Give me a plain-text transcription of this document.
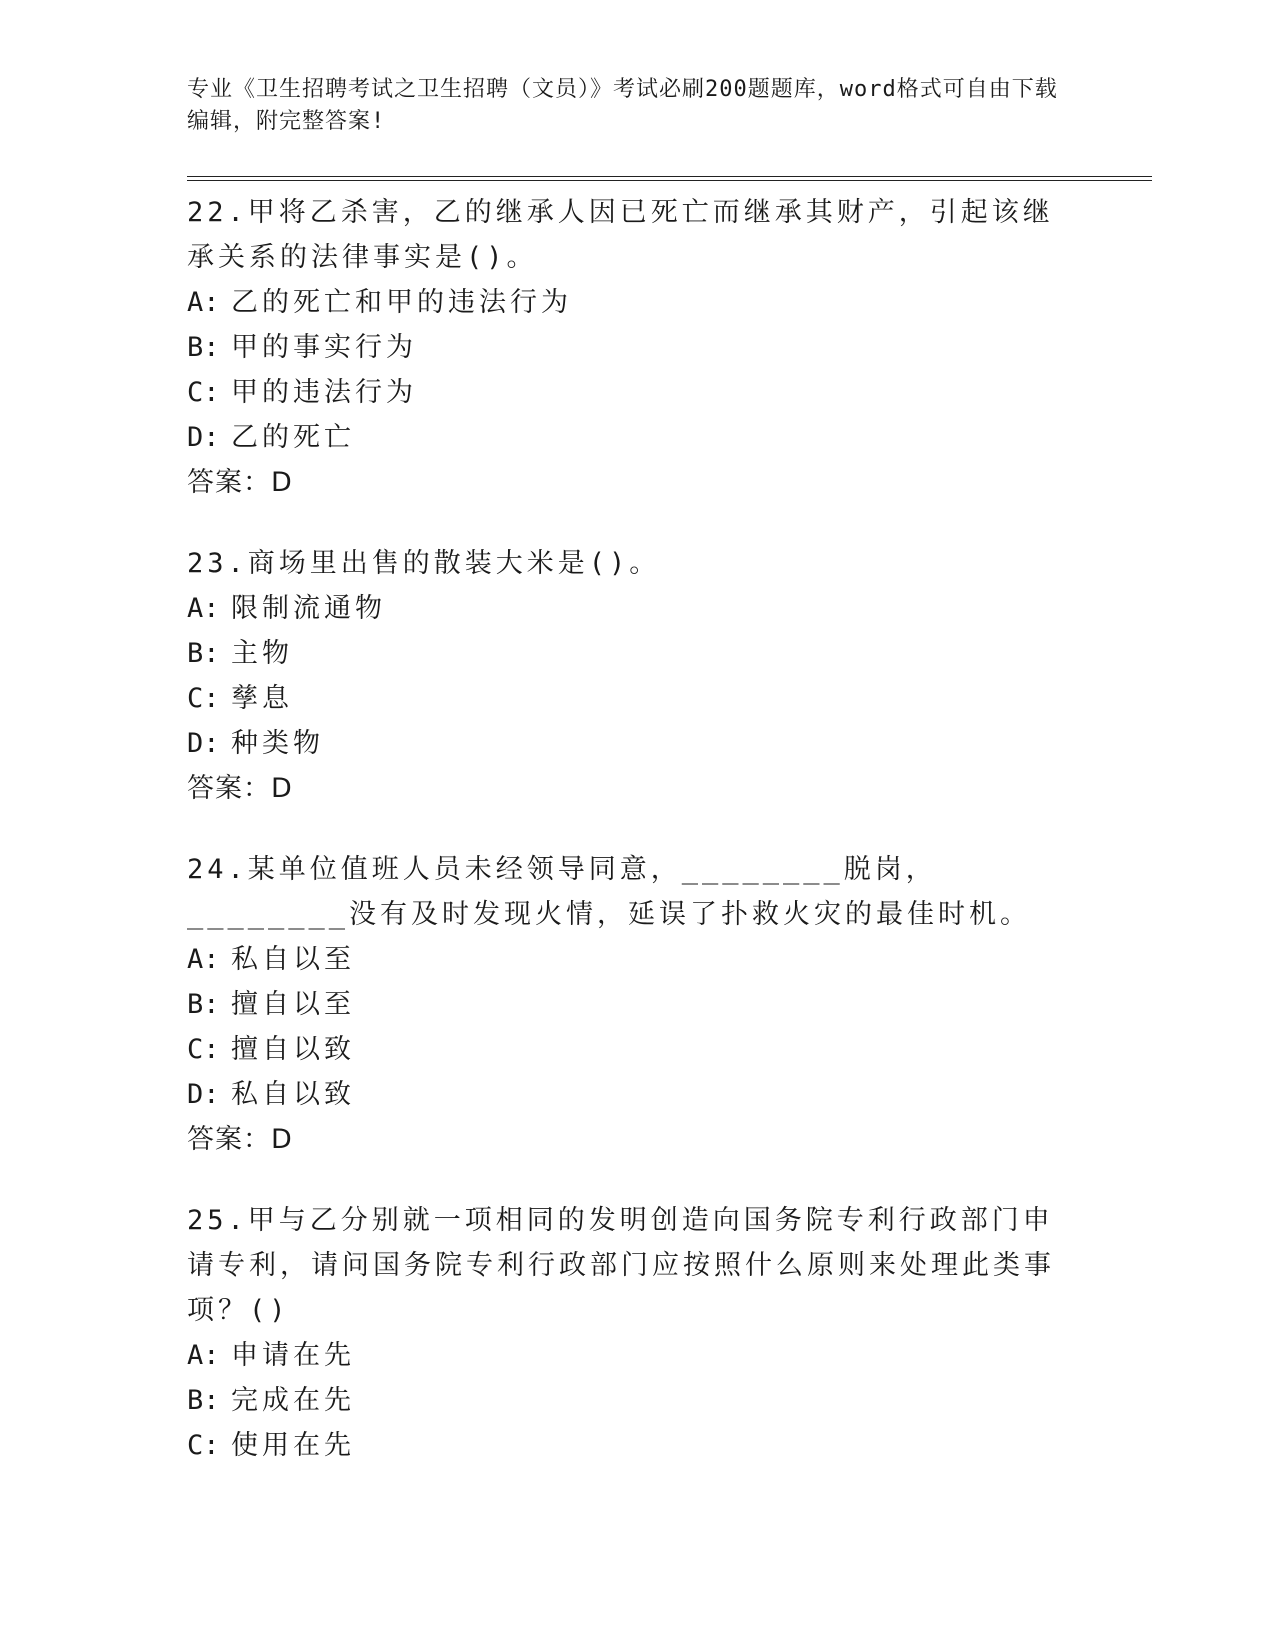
专业《卫生招聘考试之卫生招聘（文员）》考试必刷200题题库，word格式可自由下载编辑，附完整答案!

22.甲将乙杀害，乙的继承人因已死亡而继承其财产，引起该继承关系的法律事实是()。

A: 乙的死亡和甲的违法行为

B: 甲的事实行为

C: 甲的违法行为

D: 乙的死亡

答案：D

23.商场里出售的散装大米是()。

A: 限制流通物

B: 主物

C: 孳息

D: 种类物

答案：D

24.某单位值班人员未经领导同意，________脱岗，________没有及时发现火情，延误了扑救火灾的最佳时机。

A: 私自以至

B: 擅自以至

C: 擅自以致

D: 私自以致

答案：D

25.甲与乙分别就一项相同的发明创造向国务院专利行政部门申请专利，请问国务院专利行政部门应按照什么原则来处理此类事项？()

A: 申请在先

B: 完成在先

C: 使用在先
